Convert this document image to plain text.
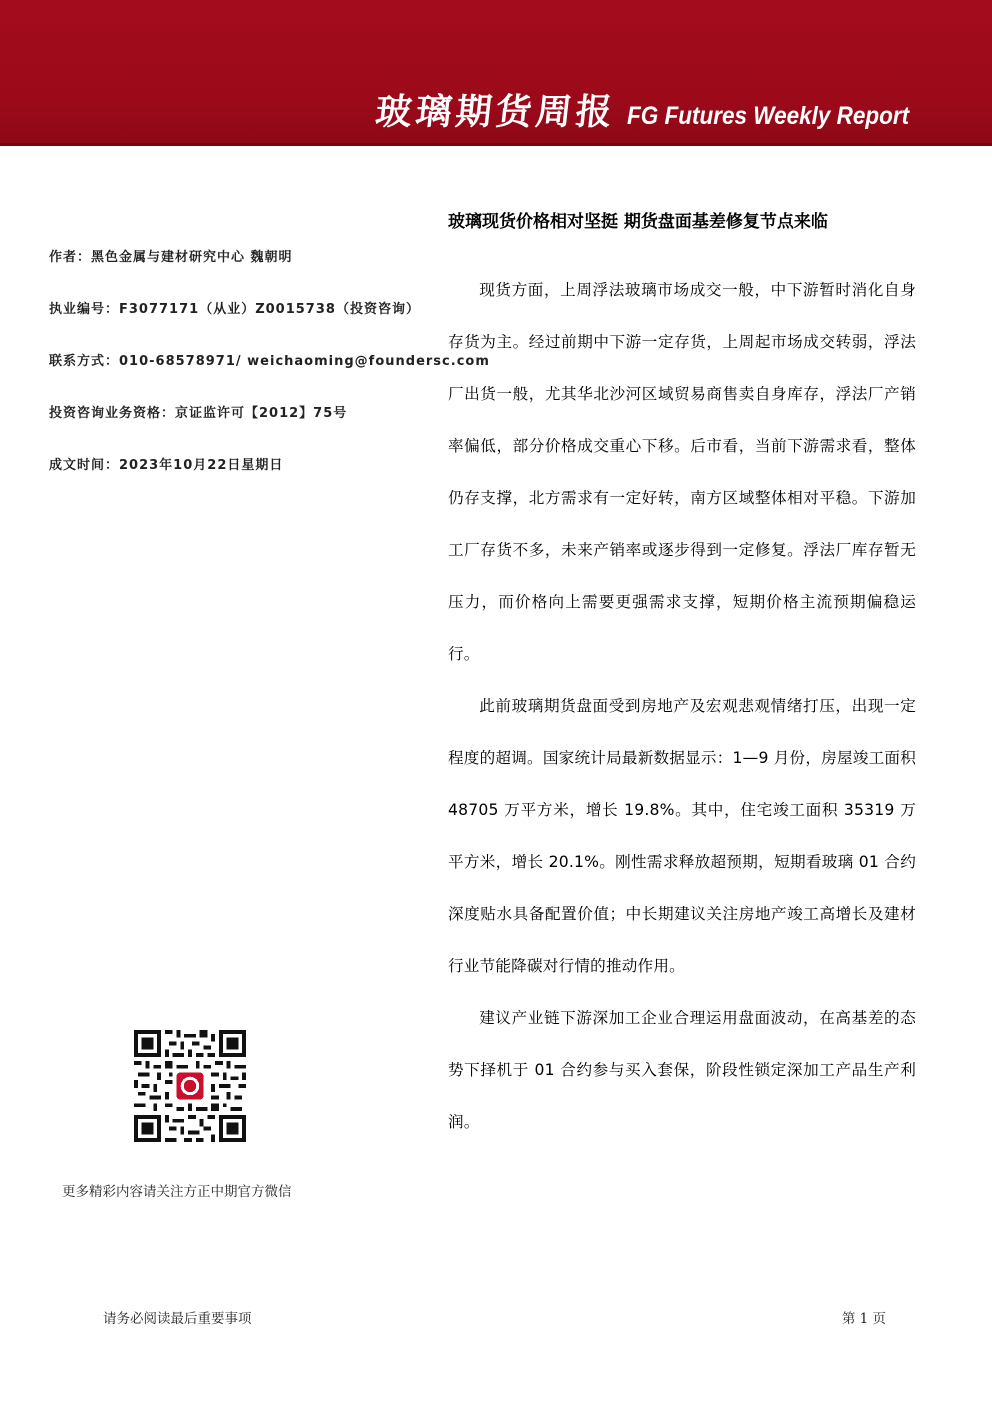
玻璃期货周报 FG Futures Weekly Report
作者：黑色金属与建材研究中心 魏朝明
执业编号：F3077171（从业）Z0015738（投资咨询）
联系方式：010-68578971/ weichaoming@foundersc.com
投资咨询业务资格：京证监许可【2012】75号
成文时间：2023年10月22日星期日
玻璃现货价格相对坚挺 期货盘面基差修复节点来临

现货方面，上周浮法玻璃市场成交一般，中下游暂时消化自身存货为主。经过前期中下游一定存货，上周起市场成交转弱，浮法厂出货一般，尤其华北沙河区域贸易商售卖自身库存，浮法厂产销率偏低，部分价格成交重心下移。后市看，当前下游需求看，整体仍存支撑，北方需求有一定好转，南方区域整体相对平稳。下游加工厂存货不多，未来产销率或逐步得到一定修复。浮法厂库存暂无压力，而价格向上需要更强需求支撑，短期价格主流预期偏稳运行。

此前玻璃期货盘面受到房地产及宏观悲观情绪打压，出现一定程度的超调。国家统计局最新数据显示：1—9 月份，房屋竣工面积 48705 万平方米，增长 19.8%。其中，住宅竣工面积 35319 万平方米，增长 20.1%。刚性需求释放超预期，短期看玻璃 01 合约深度贴水具备配置价值；中长期建议关注房地产竣工高增长及建材行业节能降碳对行情的推动作用。

建议产业链下游深加工企业合理运用盘面波动，在高基差的态势下择机于 01 合约参与买入套保，阶段性锁定深加工产品生产利润。

更多精彩内容请关注方正中期官方微信
请务必阅读最后重要事项	第 1 页
